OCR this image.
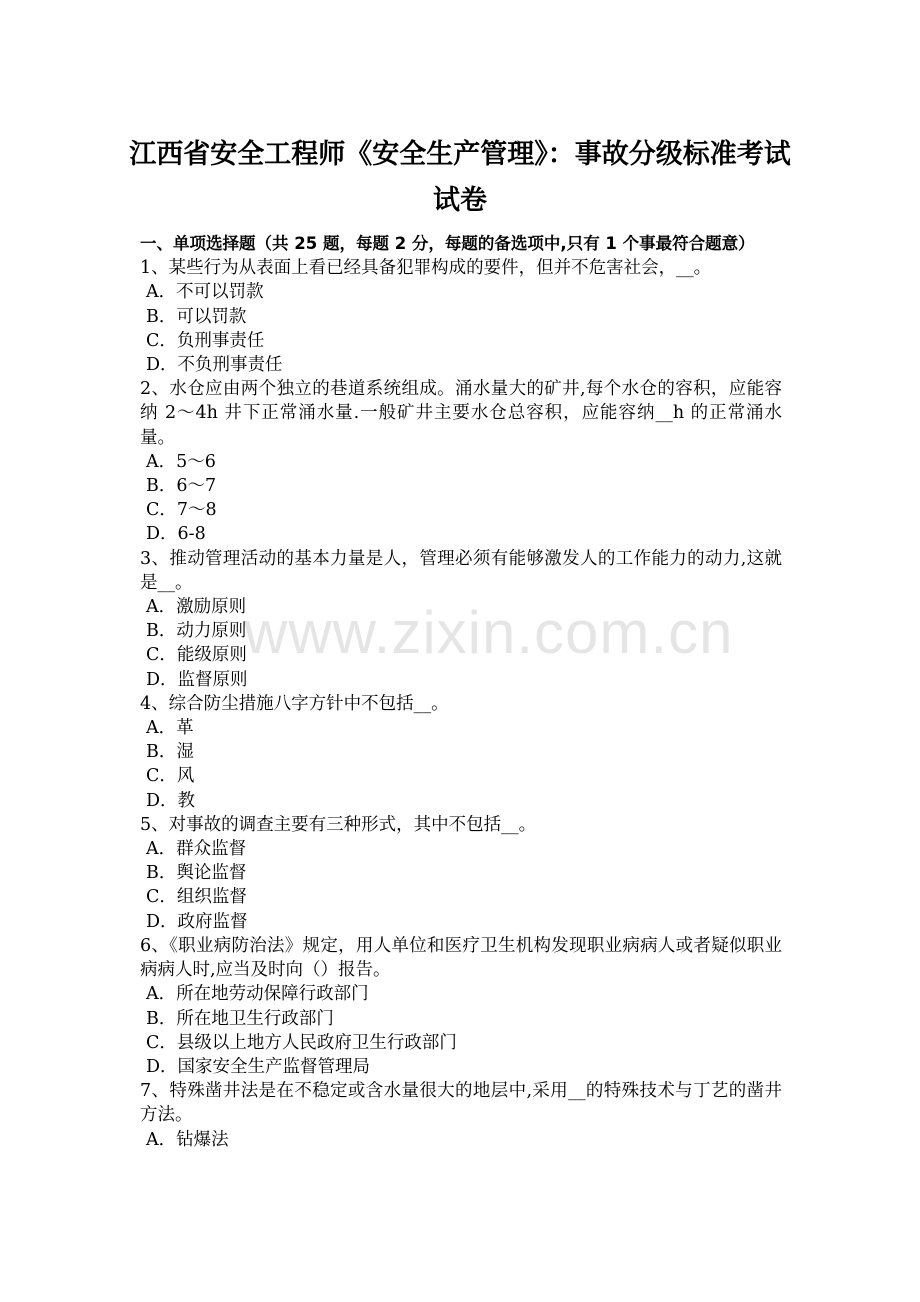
江西省安全工程师《安全生产管理》：事故分级标准考试试卷
www.zixin.com.cn
一、单项选择题（共 25 题，每题 2 分，每题的备选项中,只有 1 个事最符合题意）

1、某些行为从表面上看已经具备犯罪构成的要件，但并不危害社会，__。

A．不可以罚款

B．可以罚款

C．负刑事责任

D．不负刑事责任

2、水仓应由两个独立的巷道系统组成。涌水量大的矿井,每个水仓的容积，应能容纳 2～4h 井下正常涌水量.一般矿井主要水仓总容积，应能容纳__h 的正常涌水量。

A．5～6

B．6～7

C．7～8

D．6-8

3、推动管理活动的基本力量是人，管理必须有能够激发人的工作能力的动力,这就是__。

A．激励原则

B．动力原则

C．能级原则

D．监督原则

4、综合防尘措施八字方针中不包括__。

A．革

B．湿

C．风

D．教

5、对事故的调查主要有三种形式，其中不包括__。

A．群众监督

B．舆论监督

C．组织监督

D．政府监督

6、《职业病防治法》规定，用人单位和医疗卫生机构发现职业病病人或者疑似职业病病人时,应当及时向（）报告。

A．所在地劳动保障行政部门

B．所在地卫生行政部门

C．县级以上地方人民政府卫生行政部门

D．国家安全生产监督管理局

7、特殊凿井法是在不稳定或含水量很大的地层中,采用__的特殊技术与丁艺的凿井方法。

A．钻爆法
